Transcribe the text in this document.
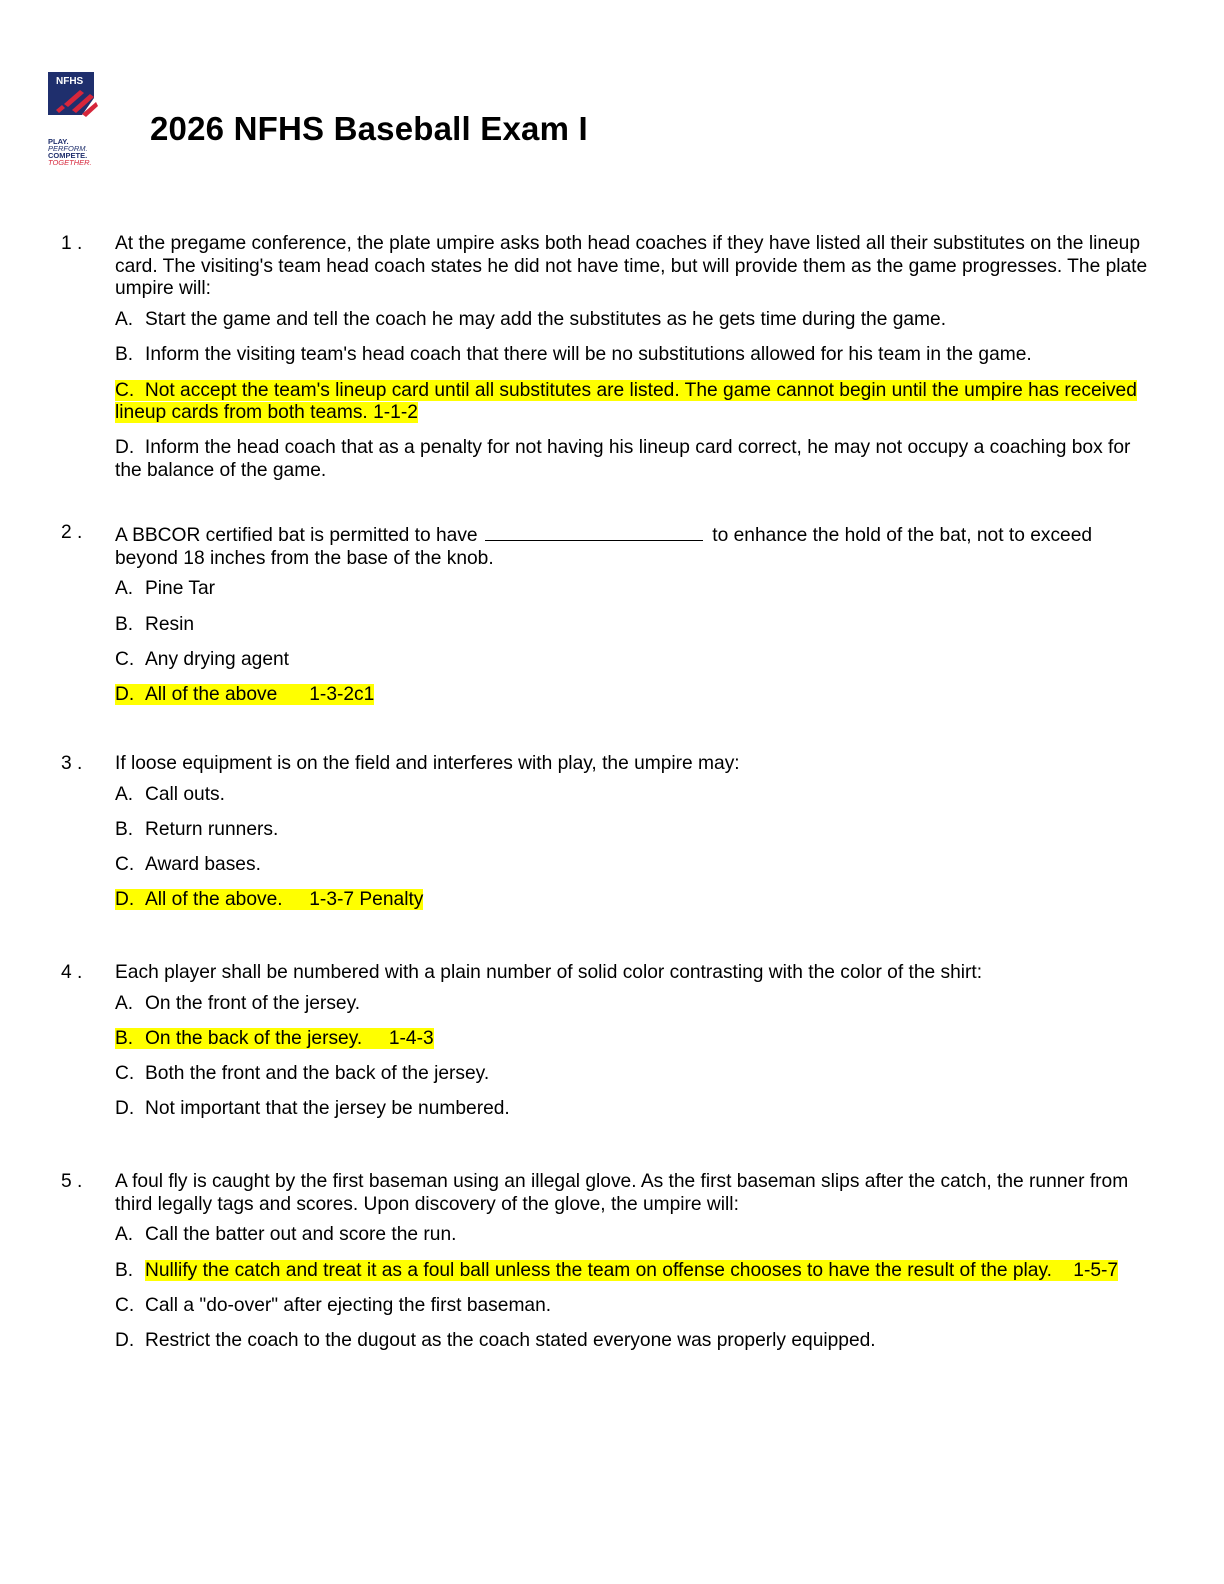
NFHS
PLAY.
PERFORM.
COMPETE.
TOGETHER.
2026 NFHS Baseball Exam I
1 . At the pregame conference, the plate umpire asks both head coaches if they have listed all their substitutes on the lineup card. The visiting's team head coach states he did not have time, but will provide them as the game progresses. The plate umpire will:
A. Start the game and tell the coach he may add the substitutes as he gets time during the game.
B. Inform the visiting team's head coach that there will be no substitutions allowed for his team in the game.
C. Not accept the team's lineup card until all substitutes are listed. The game cannot begin until the umpire has received lineup cards from both teams. 1-1-2
D. Inform the head coach that as a penalty for not having his lineup card correct, he may not occupy a coaching box for the balance of the game.
2 . A BBCOR certified bat is permitted to have	to enhance the hold of the bat, not to exceed beyond 18 inches from the base of the knob.
A. Pine Tar
B. Resin
C. Any drying agent
D. All of the above      1-3-2c1
3 . If loose equipment is on the field and interferes with play, the umpire may:
A. Call outs.
B. Return runners.
C. Award bases.
D. All of the above.     1-3-7 Penalty
4 . Each player shall be numbered with a plain number of solid color contrasting with the color of the shirt:
A. On the front of the jersey.
B. On the back of the jersey.     1-4-3
C. Both the front and the back of the jersey.
D. Not important that the jersey be numbered.
5 . A foul fly is caught by the first baseman using an illegal glove. As the first baseman slips after the catch, the runner from third legally tags and scores. Upon discovery of the glove, the umpire will:
A. Call the batter out and score the run.
B. Nullify the catch and treat it as a foul ball unless the team on offense chooses to have the result of the play.    1-5-7
C. Call a "do-over" after ejecting the first baseman.
D. Restrict the coach to the dugout as the coach stated everyone was properly equipped.
